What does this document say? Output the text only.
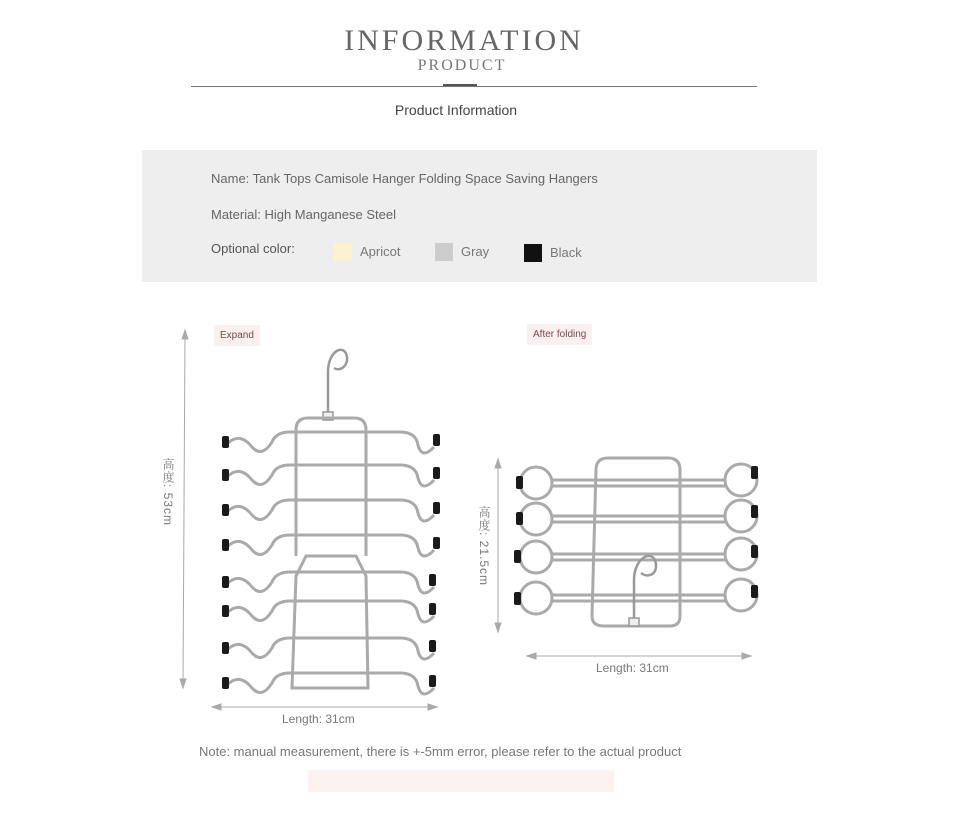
INFORMATION
PRODUCT
Product Information
Name: Tank Tops Camisole Hanger Folding Space Saving Hangers
Material: High Manganese Steel
Optional color:	Apricot	Gray	Black
Expand
高度: 53cm
Length: 31cm
After folding
高度: 21.5cm
Length: 31cm
Note: manual measurement, there is +-5mm error, please refer to the actual product
